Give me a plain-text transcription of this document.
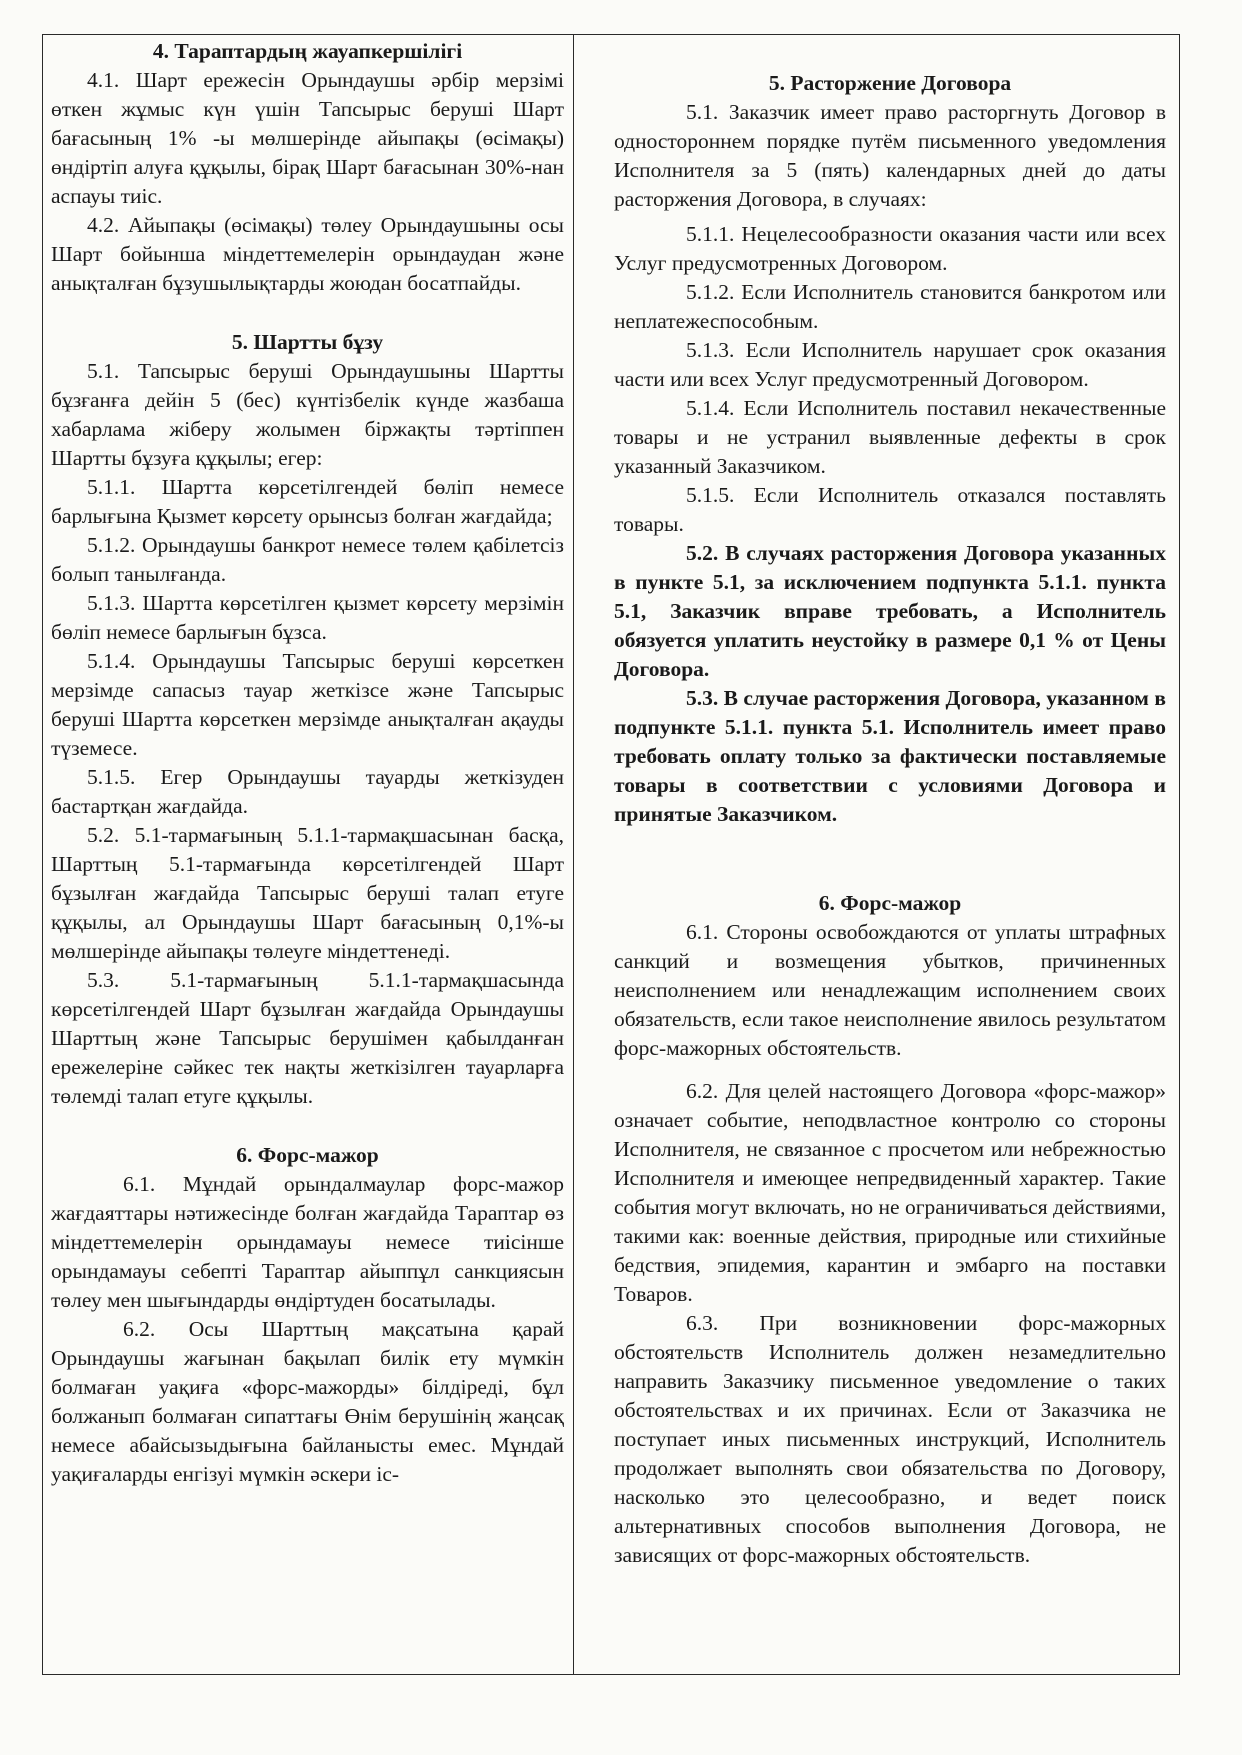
4. Тараптардың жауапкершілігі

4.1. Шарт ережесін Орындаушы әрбір мерзімі өткен жұмыс күн үшін Тапсырыс беруші Шарт бағасының 1% -ы мөлшерінде айыпақы (өсімақы) өндіртіп алуға құқылы, бірақ Шарт бағасынан 30%-нан аспауы тиіс.

4.2. Айыпақы (өсімақы) төлеу Орындаушыны осы Шарт бойынша міндеттемелерін орындаудан және анықталған бұзушылықтарды жоюдан босатпайды.

5. Шартты бұзу

5.1. Тапсырыс беруші Орындаушыны Шартты бұзғанға дейін 5 (бес) күнтізбелік күнде жазбаша хабарлама жіберу жолымен біржақты тәртіппен Шартты бұзуға құқылы; егер:

5.1.1. Шартта көрсетілгендей бөліп немесе барлығына Қызмет көрсету орынсыз болған жағдайда;

5.1.2. Орындаушы банкрот немесе төлем қабілетсіз болып танылғанда.

5.1.3. Шартта көрсетілген қызмет көрсету мерзімін бөліп немесе барлығын бұзса.

5.1.4. Орындаушы Тапсырыс беруші көрсеткен мерзімде сапасыз тауар жеткізсе және Тапсырыс беруші Шартта көрсеткен мерзімде анықталған ақауды түземесе.

5.1.5. Егер Орындаушы тауарды жеткізуден бастартқан жағдайда.

5.2. 5.1-тармағының 5.1.1-тармақшасынан басқа, Шарттың 5.1-тармағында көрсетілгендей Шарт бұзылған жағдайда Тапсырыс беруші талап етуге құқылы, ал Орындаушы Шарт бағасының 0,1%-ы мөлшерінде айыпақы төлеуге міндеттенеді.

5.3. 5.1-тармағының 5.1.1-тармақшасында көрсетілгендей Шарт бұзылған жағдайда Орындаушы Шарттың және Тапсырыс берушімен қабылданған ережелеріне сәйкес тек нақты жеткізілген тауарларға төлемді талап етуге құқылы.

6. Форс-мажор

6.1. Мұндай орындалмаулар форс-мажор жағдаяттары нәтижесінде болған жағдайда Тараптар өз міндеттемелерін орындамауы немесе тиісінше орындамауы себепті Тараптар айыппұл санкциясын төлеу мен шығындарды өндіртуден босатылады.

6.2. Осы Шарттың мақсатына қарай Орындаушы жағынан бақылап билік ету мүмкін болмаған уақиға «форс-мажорды» білдіреді, бұл болжанып болмаған сипаттағы Өнім берушінің жаңсақ немесе абайсызыдығына байланысты емес. Мұндай уақиғаларды енгізуі мүмкін әскери іс-

5. Расторжение Договора

5.1. Заказчик имеет право расторгнуть Договор в одностороннем порядке путём письменного уведомления Исполнителя за 5 (пять) календарных дней до даты расторжения Договора, в случаях:

5.1.1. Нецелесообразности оказания части или всех Услуг предусмотренных Договором.

5.1.2. Если Исполнитель становится банкротом или неплатежеспособным.

5.1.3. Если Исполнитель нарушает срок оказания части или всех Услуг предусмотренный Договором.

5.1.4. Если Исполнитель поставил некачественные товары и не устранил выявленные дефекты в срок указанный Заказчиком.

5.1.5. Если Исполнитель отказался поставлять товары.

5.2. В случаях расторжения Договора указанных в пункте 5.1, за исключением подпункта 5.1.1. пункта 5.1, Заказчик вправе требовать, а Исполнитель обязуется уплатить неустойку в размере 0,1 % от Цены Договора.

5.3. В случае расторжения Договора, указанном в подпункте 5.1.1. пункта 5.1. Исполнитель имеет право требовать оплату только за фактически поставляемые товары в соответствии с условиями Договора и принятые Заказчиком.

6. Форс-мажор

6.1. Стороны освобождаются от уплаты штрафных санкций и возмещения убытков, причиненных неисполнением или ненадлежащим исполнением своих обязательств, если такое неисполнение явилось результатом форс-мажорных обстоятельств.

6.2. Для целей настоящего Договора «форс-мажор» означает событие, неподвластное контролю со стороны Исполнителя, не связанное с просчетом или небрежностью Исполнителя и имеющее непредвиденный характер. Такие события могут включать, но не ограничиваться действиями, такими как: военные действия, природные или стихийные бедствия, эпидемия, карантин и эмбарго на поставки Товаров.

6.3. При возникновении форс-мажорных обстоятельств Исполнитель должен незамедлительно направить Заказчику письменное уведомление о таких обстоятельствах и их причинах. Если от Заказчика не поступает иных письменных инструкций, Исполнитель продолжает выполнять свои обязательства по Договору, насколько это целесообразно, и ведет поиск альтернативных способов выполнения Договора, не зависящих от форс-мажорных обстоятельств.
